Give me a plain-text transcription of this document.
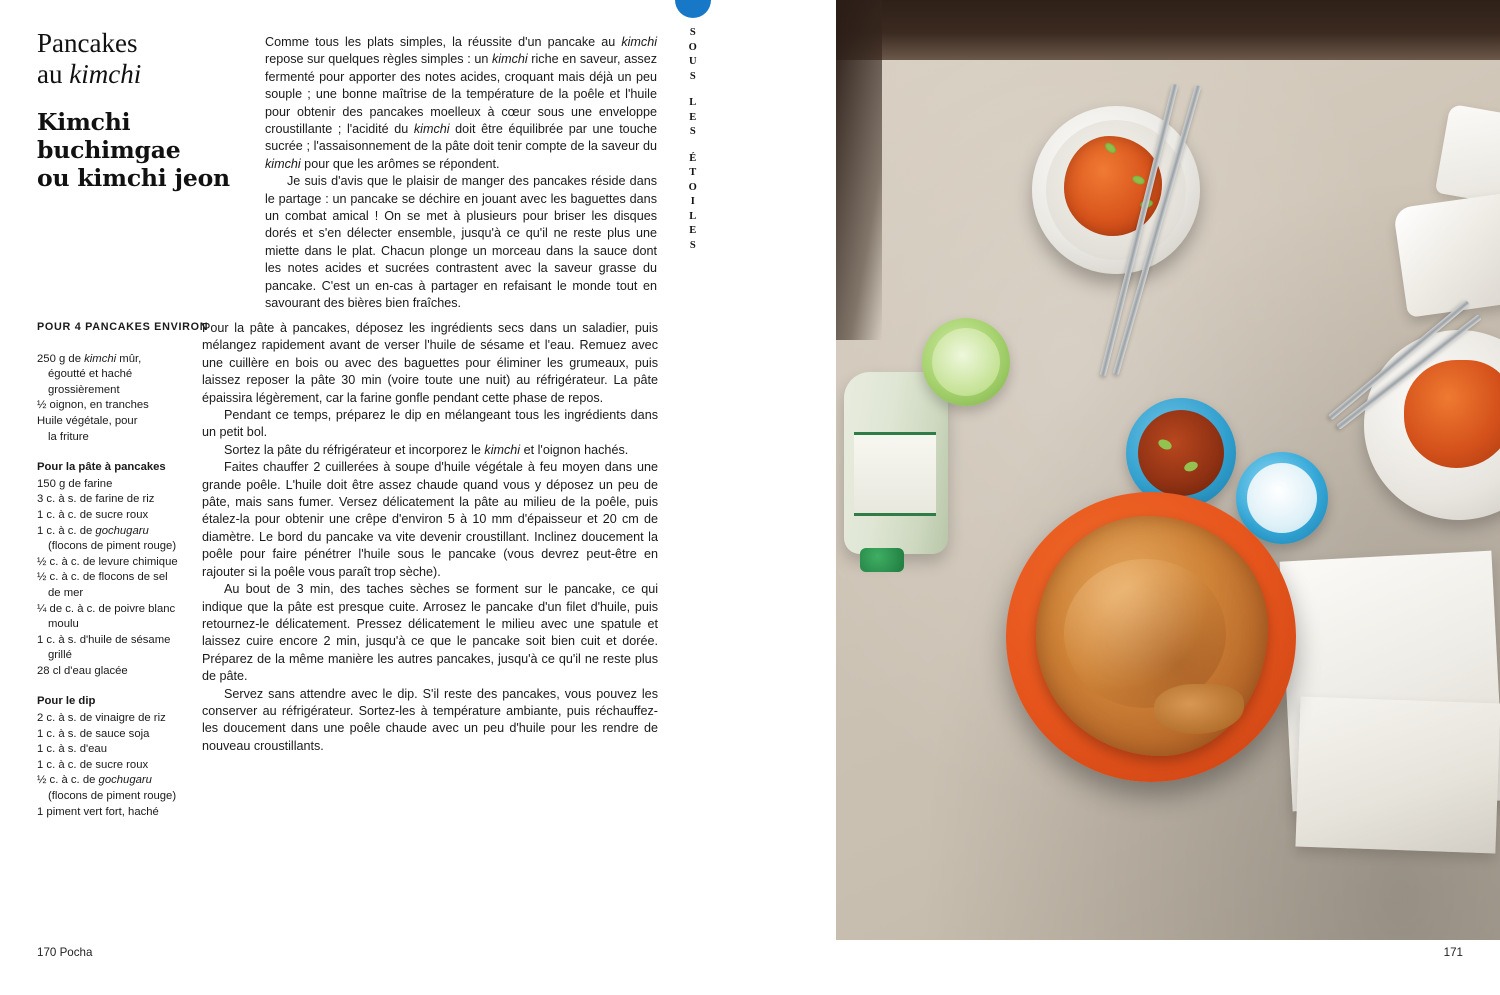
S
O
U
S
L
E
S
É
T
O
I
L
E
S
Pancakes
au kimchi
Kimchi buchimgae
ou kimchi jeon

Comme tous les plats simples, la réussite d'un pancake au kimchi repose sur quelques règles simples : un kimchi riche en saveur, assez fermenté pour apporter des notes acides, croquant mais déjà un peu souple ; une bonne maîtrise de la température de la poêle et l'huile pour obtenir des pancakes moelleux à cœur sous une enveloppe croustillante ; l'acidité du kimchi doit être équilibrée par une touche sucrée ; l'assaisonnement de la pâte doit tenir compte de la saveur du kimchi pour que les arômes se répondent.

Je suis d'avis que le plaisir de manger des pancakes réside dans le partage : un pancake se déchire en jouant avec les baguettes dans un combat amical ! On se met à plusieurs pour briser les disques dorés et s'en délecter ensemble, jusqu'à ce qu'il ne reste plus une miette dans le plat. Chacun plonge un morceau dans la sauce dont les notes acides et sucrées contrastent avec la saveur grasse du pancake. C'est un en-cas à partager en refaisant le monde tout en savourant des bières bien fraîches.

POUR 4 PANCAKES ENVIRON
250 g de kimchi mûr,
égoutté et haché
grossièrement
½ oignon, en tranches
Huile végétale, pour
la friture
Pour la pâte à pancakes
150 g de farine
3 c. à s. de farine de riz
1 c. à c. de sucre roux
1 c. à c. de gochugaru
(flocons de piment rouge)
½ c. à c. de levure chimique
½ c. à c. de flocons de sel
de mer
¼ de c. à c. de poivre blanc
moulu
1 c. à s. d'huile de sésame
grillé
28 cl d'eau glacée
Pour le dip
2 c. à s. de vinaigre de riz
1 c. à s. de sauce soja
1 c. à s. d'eau
1 c. à c. de sucre roux
½ c. à c. de gochugaru
(flocons de piment rouge)
1 piment vert fort, haché

Pour la pâte à pancakes, déposez les ingrédients secs dans un saladier, puis mélangez rapidement avant de verser l'huile de sésame et l'eau. Remuez avec une cuillère en bois ou avec des baguettes pour éliminer les grumeaux, puis laissez reposer la pâte 30 min (voire toute une nuit) au réfrigérateur. La pâte épaissira légèrement, car la farine gonfle pendant cette phase de repos.

Pendant ce temps, préparez le dip en mélangeant tous les ingrédients dans un petit bol.

Sortez la pâte du réfrigérateur et incorporez le kimchi et l'oignon hachés.

Faites chauffer 2 cuillerées à soupe d'huile végétale à feu moyen dans une grande poêle. L'huile doit être assez chaude quand vous y déposez un peu de pâte, mais sans fumer. Versez délicatement la pâte au milieu de la poêle, puis étalez-la pour obtenir une crêpe d'environ 5 à 10 mm d'épaisseur et 20 cm de diamètre. Le bord du pancake va vite devenir croustillant. Inclinez doucement la poêle pour faire pénétrer l'huile sous le pancake (vous devrez peut-être en rajouter si la poêle vous paraît trop sèche).

Au bout de 3 min, des taches sèches se forment sur le pancake, ce qui indique que la pâte est presque cuite. Arrosez le pancake d'un filet d'huile, puis retournez-le délicatement. Pressez délicatement le milieu avec une spatule et laissez cuire encore 2 min, jusqu'à ce que le pancake soit bien cuit et dorée. Préparez de la même manière les autres pancakes, jusqu'à ce qu'il ne reste plus de pâte.

Servez sans attendre avec le dip. S'il reste des pancakes, vous pouvez les conserver au réfrigérateur. Sortez-les à température ambiante, puis réchauffez-les doucement dans une poêle chaude avec un peu d'huile pour les rendre de nouveau croustillants.

170 Pocha	171
